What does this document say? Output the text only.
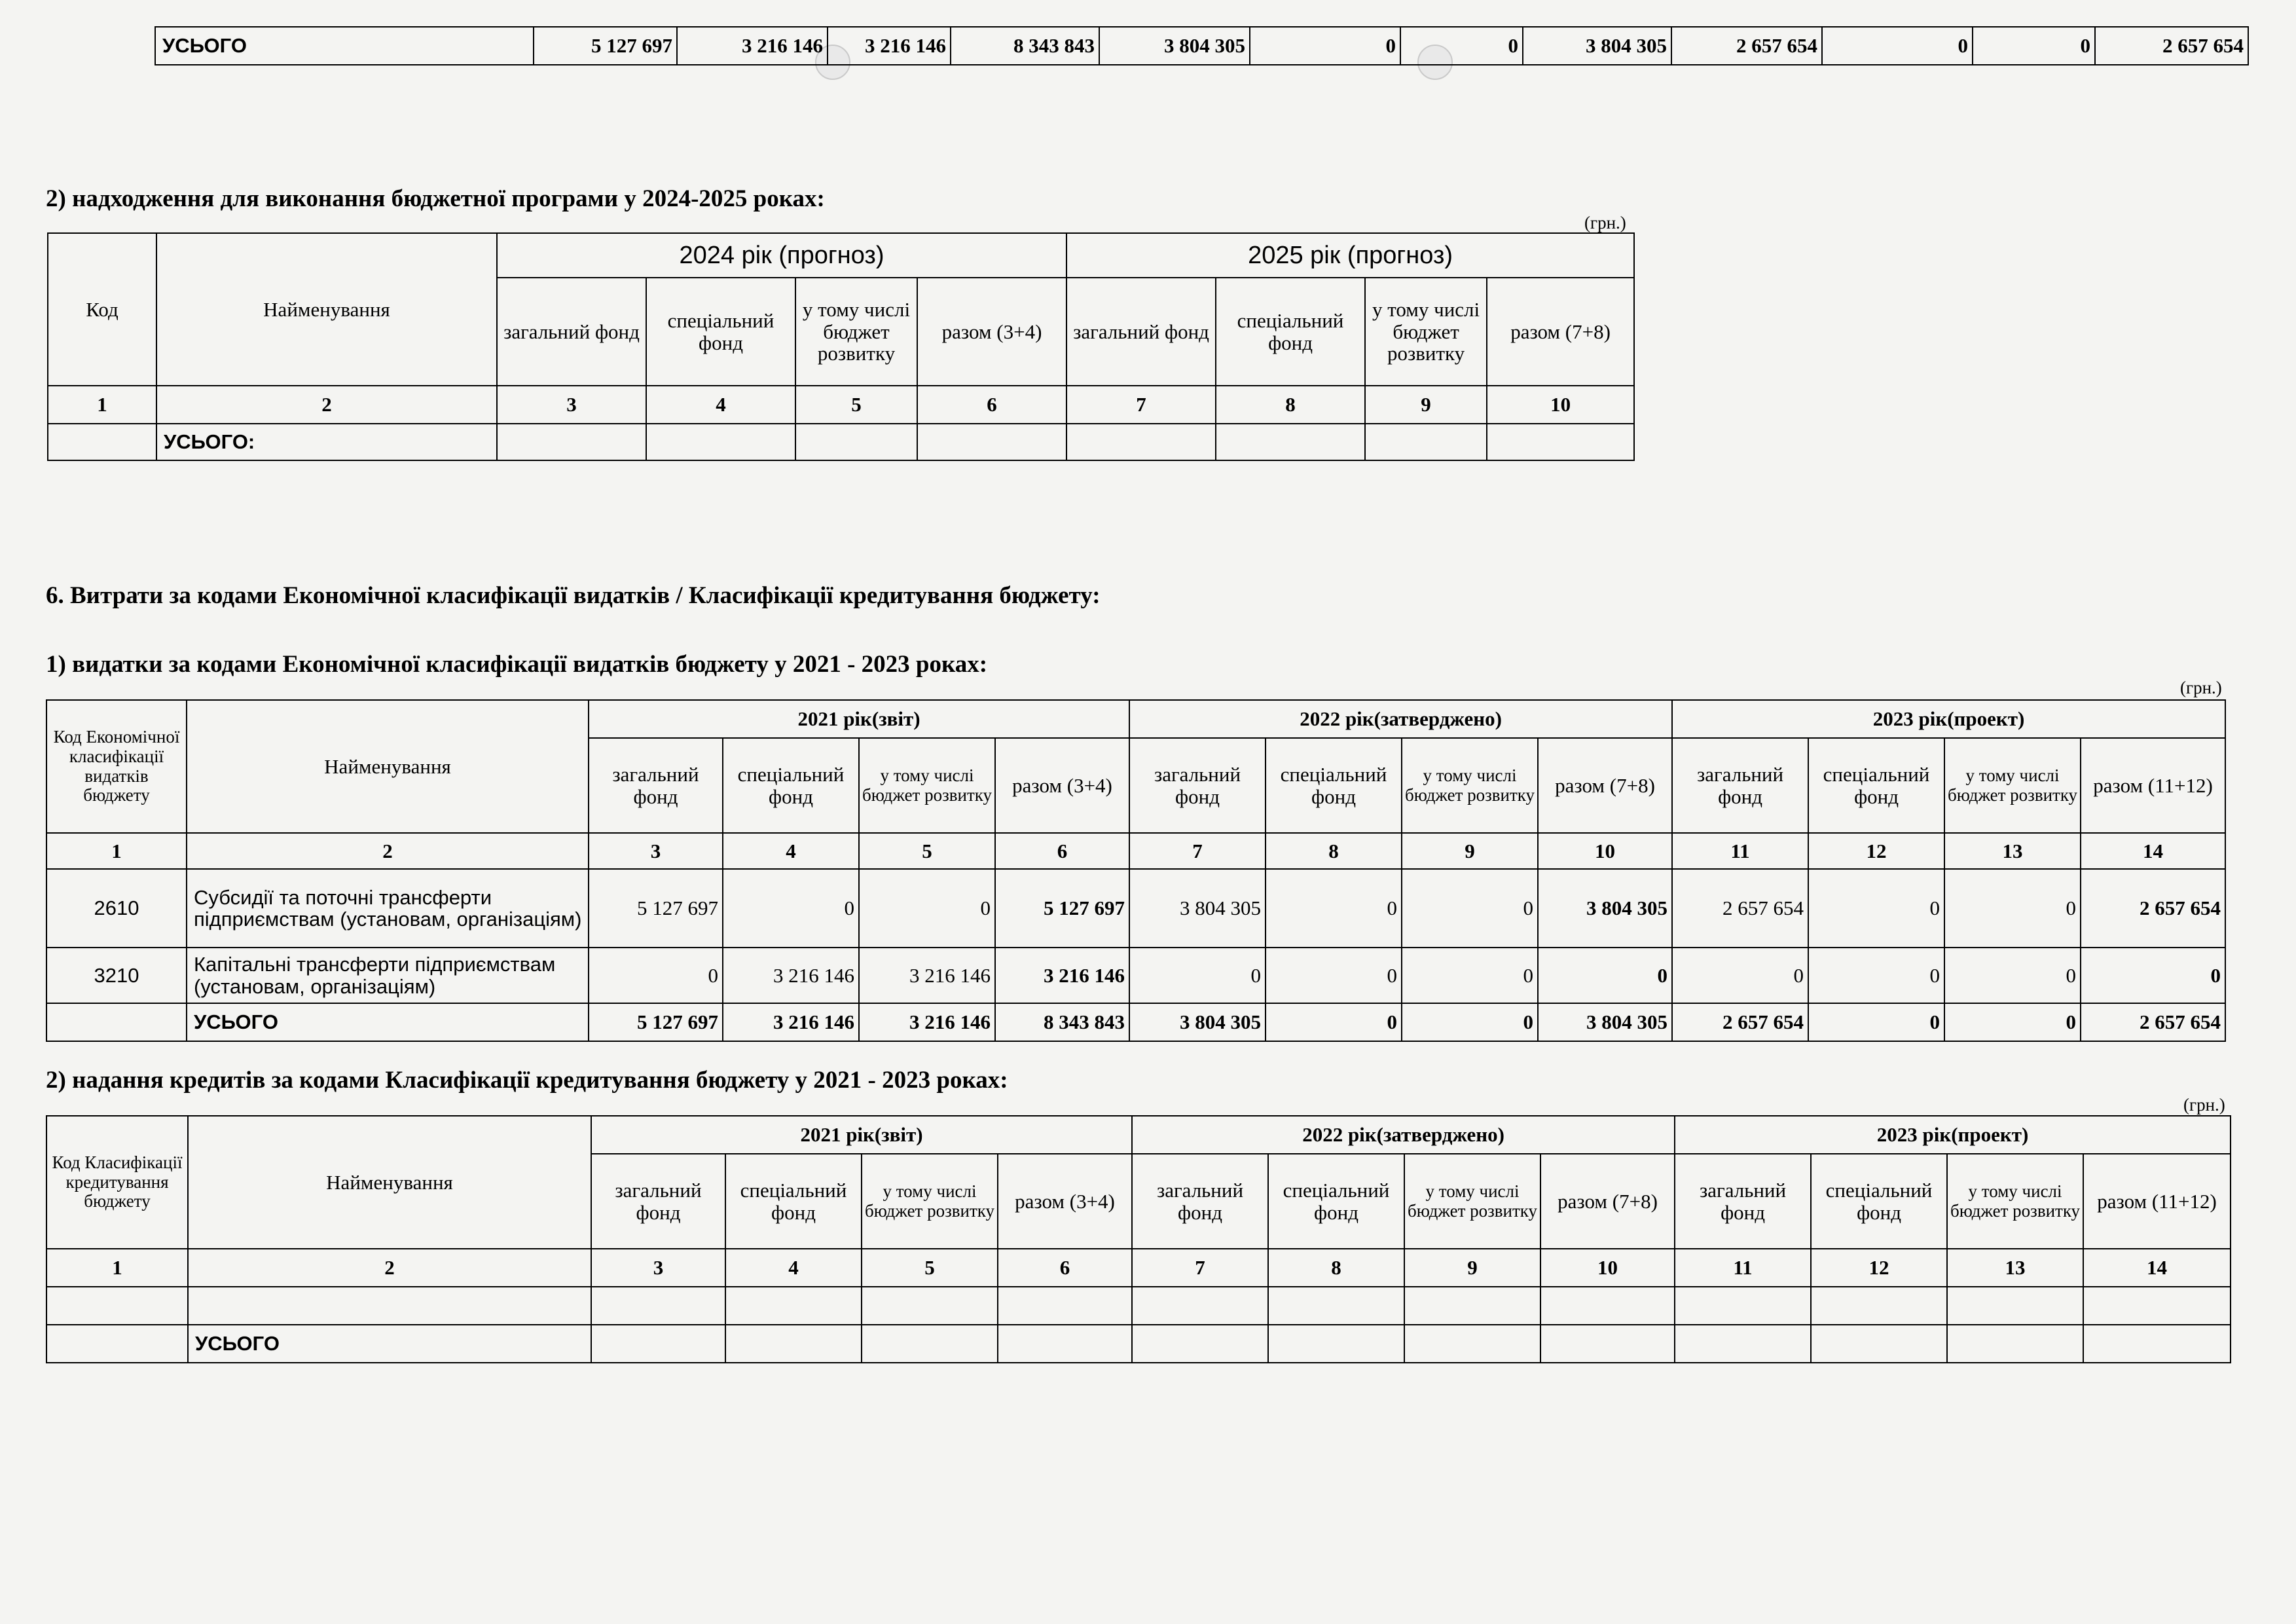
УСЬОГО	5 127 697	3 216 146	3 216 146	8 343 843	3 804 305	0	0	3 804 305	2 657 654	0	0	2 657 654
2) надходження для виконання бюджетної програми у 2024-2025 роках:
(грн.)
Код	Найменування	2024 рік (прогноз)				2025 рік (прогноз)			
		загальний фонд	спеціальний фонд	у тому числі бюджет розвитку	разом (3+4)	загальний фонд	спеціальний фонд	у тому числі бюджет розвитку	разом (7+8)
1	2	3	4	5	6	7	8	9	10
	УСЬОГО:								
6. Витрати за кодами Економічної класифікації видатків / Класифікації кредитування бюджету:
1) видатки за кодами Економічної класифікації видатків бюджету у 2021 - 2023 роках:
(грн.)
Код Економічної класифікації видатків бюджету	Найменування	2021 рік(звіт)				2022 рік(затверджено)				2023 рік(проект)			
		загальний фонд	спеціальний фонд	у тому числі бюджет розвитку	разом (3+4)	загальний фонд	спеціальний фонд	у тому числі бюджет розвитку	разом (7+8)	загальний фонд	спеціальний фонд	у тому числі бюджет розвитку	разом (11+12)
1	2	3	4	5	6	7	8	9	10	11	12	13	14
2610	Субсидії та поточні трансферти підприємствам (установам, організаціям)	5 127 697	0	0	5 127 697	3 804 305	0	0	3 804 305	2 657 654	0	0	2 657 654
3210	Капітальні трансферти підприємствам (установам, організаціям)	0	3 216 146	3 216 146	3 216 146	0	0	0	0	0	0	0	0
	УСЬОГО	5 127 697	3 216 146	3 216 146	8 343 843	3 804 305	0	0	3 804 305	2 657 654	0	0	2 657 654
2) надання кредитів за кодами Класифікації кредитування бюджету у 2021 - 2023 роках:
(грн.)
Код Класифікації кредитування бюджету	Найменування	2021 рік(звіт)				2022 рік(затверджено)				2023 рік(проект)			
		загальний фонд	спеціальний фонд	у тому числі бюджет розвитку	разом (3+4)	загальний фонд	спеціальний фонд	у тому числі бюджет розвитку	разом (7+8)	загальний фонд	спеціальний фонд	у тому числі бюджет розвитку	разом (11+12)
1	2	3	4	5	6	7	8	9	10	11	12	13	14

	УСЬОГО												
